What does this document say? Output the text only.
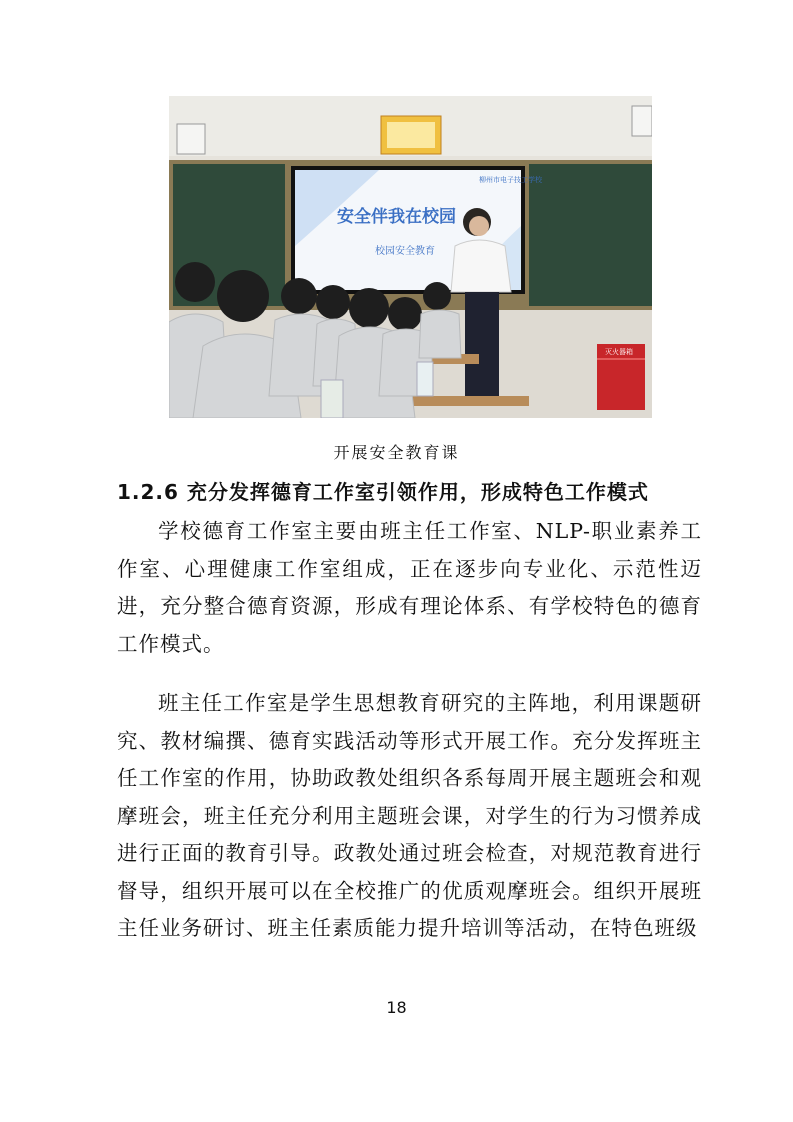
柳州市电子技工学校
安全伴我在校园
校园安全教育
灭火器箱
开展安全教育课
1.2.6 充分发挥德育工作室引领作用，形成特色工作模式

学校德育工作室主要由班主任工作室、NLP-职业素养工作室、心理健康工作室组成，正在逐步向专业化、示范性迈进，充分整合德育资源，形成有理论体系、有学校特色的德育工作模式。

班主任工作室是学生思想教育研究的主阵地，利用课题研究、教材编撰、德育实践活动等形式开展工作。充分发挥班主任工作室的作用，协助政教处组织各系每周开展主题班会和观摩班会，班主任充分利用主题班会课，对学生的行为习惯养成进行正面的教育引导。政教处通过班会检查，对规范教育进行督导，组织开展可以在全校推广的优质观摩班会。组织开展班主任业务研讨、班主任素质能力提升培训等活动，在特色班级

18
